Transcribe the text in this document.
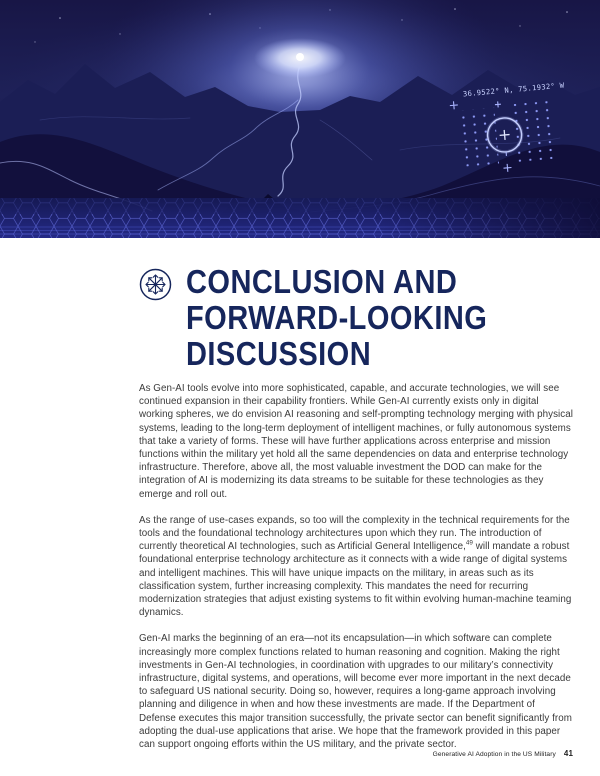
36.9522° N, 75.1932° W
CONCLUSION AND
FORWARD-LOOKING
DISCUSSION

As Gen-AI tools evolve into more sophisticated, capable, and accurate technologies, we will see continued expansion in their capability frontiers. While Gen-AI currently exists only in digital working spheres, we do envision AI reasoning and self-prompting technology merging with physical systems, leading to the long-term deployment of intelligent machines, or fully autonomous systems that take a variety of forms. These will have further applications across enterprise and mission functions within the military yet hold all the same dependencies on data and enterprise technology infrastructure. Therefore, above all, the most valuable investment the DOD can make for the integration of AI is modernizing its data streams to be suitable for these technologies as they emerge and roll out.

As the range of use-cases expands, so too will the complexity in the technical requirements for the tools and the foundational technology architectures upon which they run. The introduction of currently theoretical AI technologies, such as Artificial General Intelligence,$^{49}$ will mandate a robust foundational enterprise technology architecture as it connects with a wide range of digital systems and intelligent machines. This will have unique impacts on the military, in areas such as its classification system, further increasing complexity. This mandates the need for recurring modernization strategies that adjust existing systems to fit within evolving human-machine teaming dynamics.

Gen-AI marks the beginning of an era—not its encapsulation—in which software can complete increasingly more complex functions related to human reasoning and cognition. Making the right investments in Gen-AI technologies, in coordination with upgrades to our military’s connectivity infrastructure, digital systems, and operations, will become ever more important in the next decade to safeguard US national security. Doing so, however, requires a long-game approach involving planning and diligence in when and how these investments are made. If the Department of Defense executes this major transition successfully, the private sector can benefit significantly from adopting the dual-use applications that arise. We hope that the framework provided in this paper can support ongoing efforts within the US military, and the private sector.

Generative AI Adoption in the US Military 41
